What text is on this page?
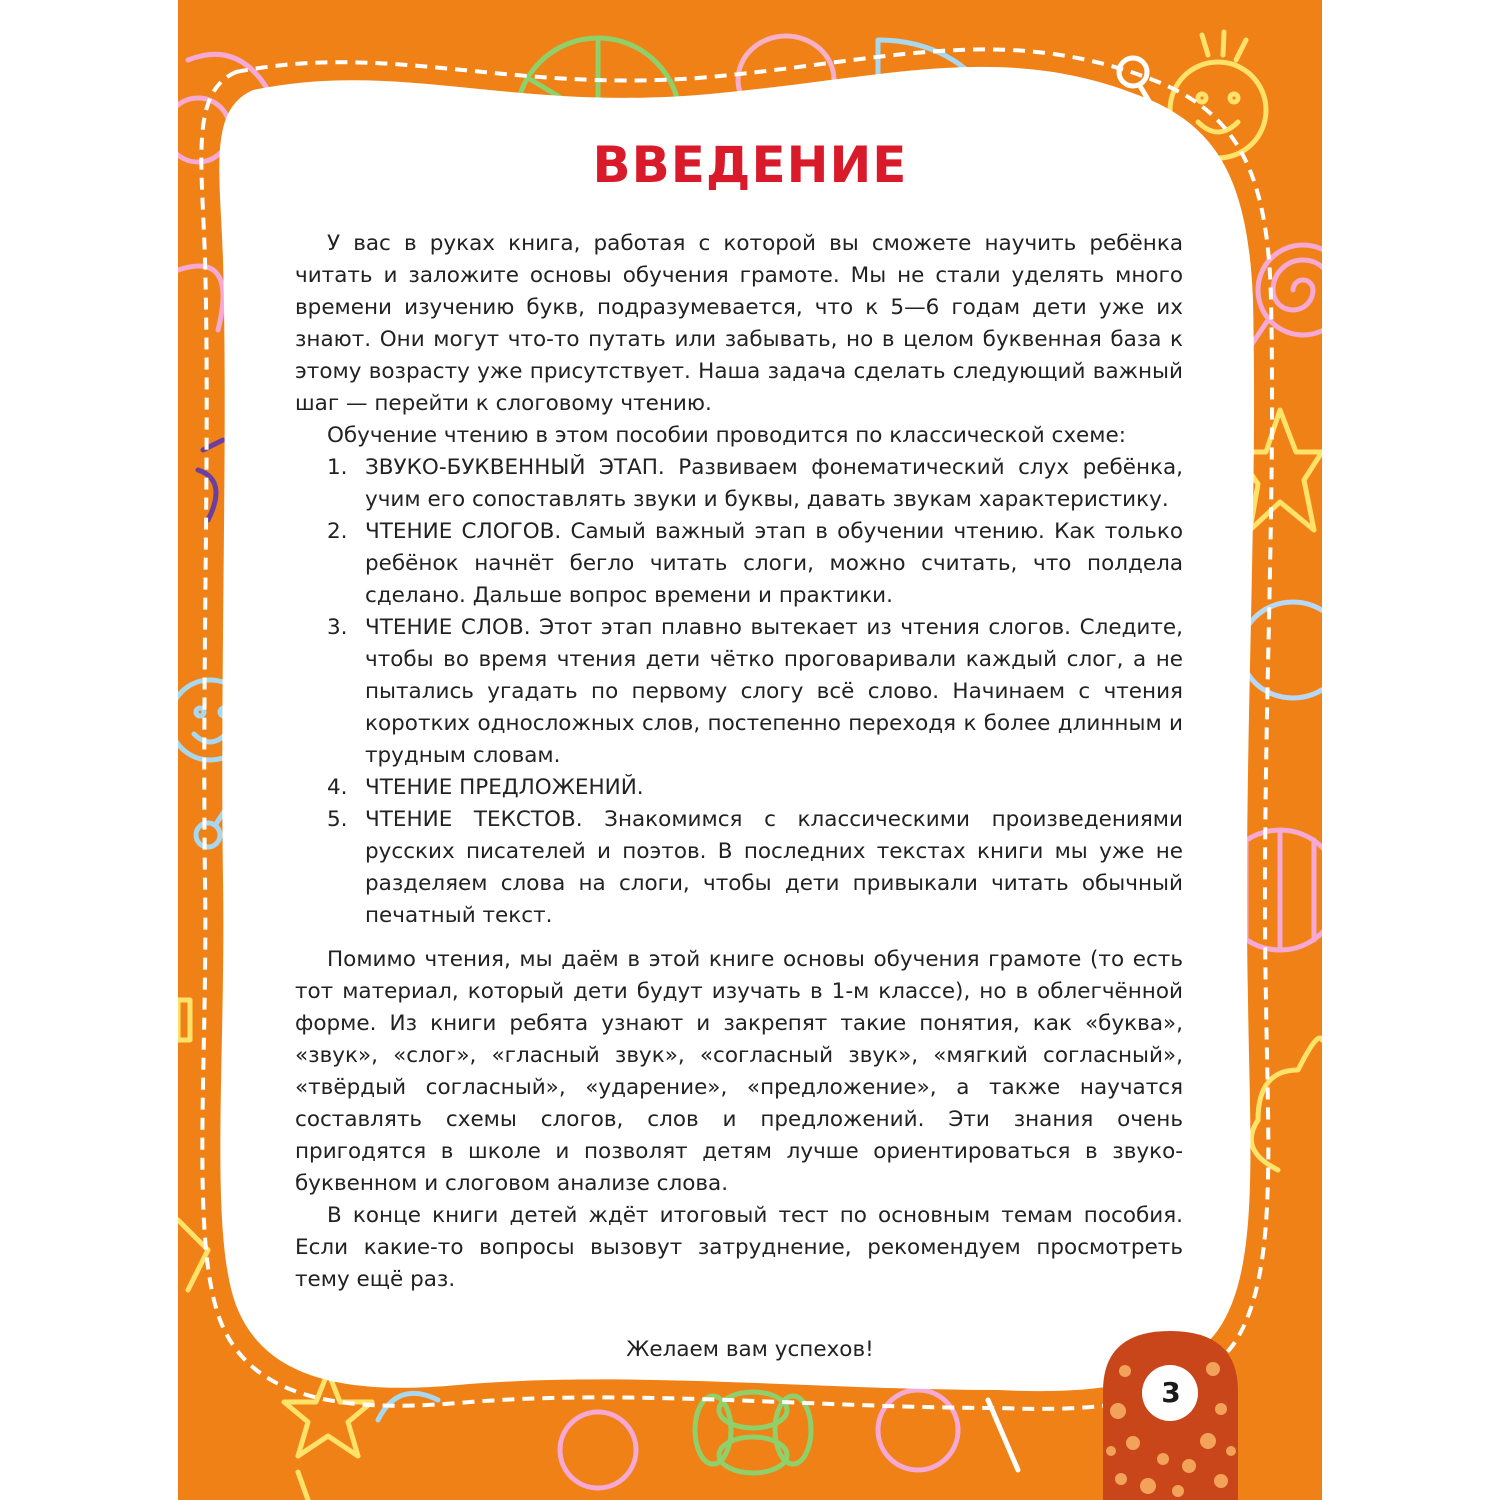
ВВЕДЕНИЕ

У вас в руках книга, работая с которой вы сможете научить ребёнка читать и заложите основы обучения грамоте. Мы не стали уделять много времени изучению букв, подразумевается, что к 5—6 годам дети уже их знают. Они могут что-то путать или забывать, но в целом буквенная база к этому возрасту уже присутствует. Наша задача сделать следующий важный шаг — перейти к слоговому чтению.

Обучение чтению в этом пособии проводится по классической схеме:

1. ЗВУКО-БУКВЕННЫЙ ЭТАП. Развиваем фонематический слух ребёнка, учим его сопоставлять звуки и буквы, давать звукам характеристику.
2. ЧТЕНИЕ СЛОГОВ. Самый важный этап в обучении чтению. Как только ребёнок начнёт бегло читать слоги, можно считать, что полдела сделано. Дальше вопрос времени и практики.
3. ЧТЕНИЕ СЛОВ. Этот этап плавно вытекает из чтения слогов. Следите, чтобы во время чтения дети чётко проговаривали каждый слог, а не пытались угадать по первому слогу всё слово. Начинаем с чтения коротких односложных слов, постепенно переходя к более длинным и трудным словам.
4. ЧТЕНИЕ ПРЕДЛОЖЕНИЙ.
5. ЧТЕНИЕ ТЕКСТОВ. Знакомимся с классическими произведениями русских писателей и поэтов. В последних текстах книги мы уже не разделяем слова на слоги, чтобы дети привыкали читать обычный печатный текст.

Помимо чтения, мы даём в этой книге основы обучения грамоте (то есть тот материал, который дети будут изучать в 1-м классе), но в облегчённой форме. Из книги ребята узнают и закрепят такие понятия, как «буква», «звук», «слог», «гласный звук», «согласный звук», «мягкий согласный», «твёрдый согласный», «ударение», «предложение», а также научатся составлять схемы слогов, слов и предложений. Эти знания очень пригодятся в школе и позволят детям лучше ориентироваться в звуко-буквенном и слоговом анализе слова.

В конце книги детей ждёт итоговый тест по основным темам пособия. Если какие-то вопросы вызовут затруднение, рекомендуем просмотреть тему ещё раз.

Желаем вам успехов!
3
